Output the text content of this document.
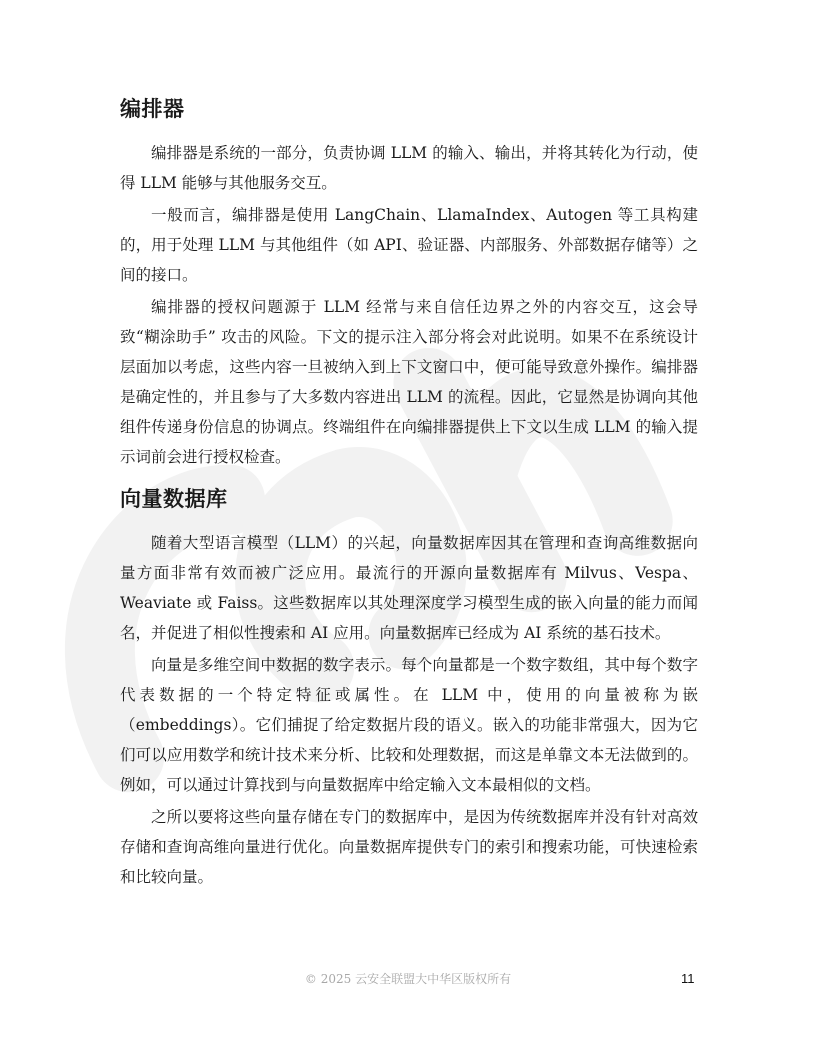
编排器

编排器是系统的一部分，负责协调 LLM 的输入、输出，并将其转化为行动，使得 LLM 能够与其他服务交互。

一般而言，编排器是使用 LangChain、LlamaIndex、Autogen 等工具构建的，用于处理 LLM 与其他组件（如 API、验证器、内部服务、外部数据存储等）之间的接口。

编排器的授权问题源于 LLM 经常与来自信任边界之外的内容交互，这会导致“糊涂助手” 攻击的风险。下文的提示注入部分将会对此说明。如果不在系统设计层面加以考虑，这些内容一旦被纳入到上下文窗口中，便可能导致意外操作。编排器是确定性的，并且参与了大多数内容进出 LLM 的流程。因此，它显然是协调向其他组件传递身份信息的协调点。终端组件在向编排器提供上下文以生成 LLM 的输入提示词前会进行授权检查。

向量数据库

随着大型语言模型（LLM）的兴起，向量数据库因其在管理和查询高维数据向量方面非常有效而被广泛应用。最流行的开源向量数据库有 Milvus、Vespa、Weaviate 或 Faiss。这些数据库以其处理深度学习模型生成的嵌入向量的能力而闻名，并促进了相似性搜索和 AI 应用。向量数据库已经成为 AI 系统的基石技术。

向量是多维空间中数据的数字表示。每个向量都是一个数字数组，其中每个数字代表数据的一个特定特征或属性。在 LLM 中，使用的向量被称为嵌（embeddings）。它们捕捉了给定数据片段的语义。嵌入的功能非常强大，因为它们可以应用数学和统计技术来分析、比较和处理数据，而这是单靠文本无法做到的。例如，可以通过计算找到与向量数据库中给定输入文本最相似的文档。

之所以要将这些向量存储在专门的数据库中，是因为传统数据库并没有针对高效存储和查询高维向量进行优化。向量数据库提供专门的索引和搜索功能，可快速检索和比较向量。

© 2025 云安全联盟大中华区版权所有	11
